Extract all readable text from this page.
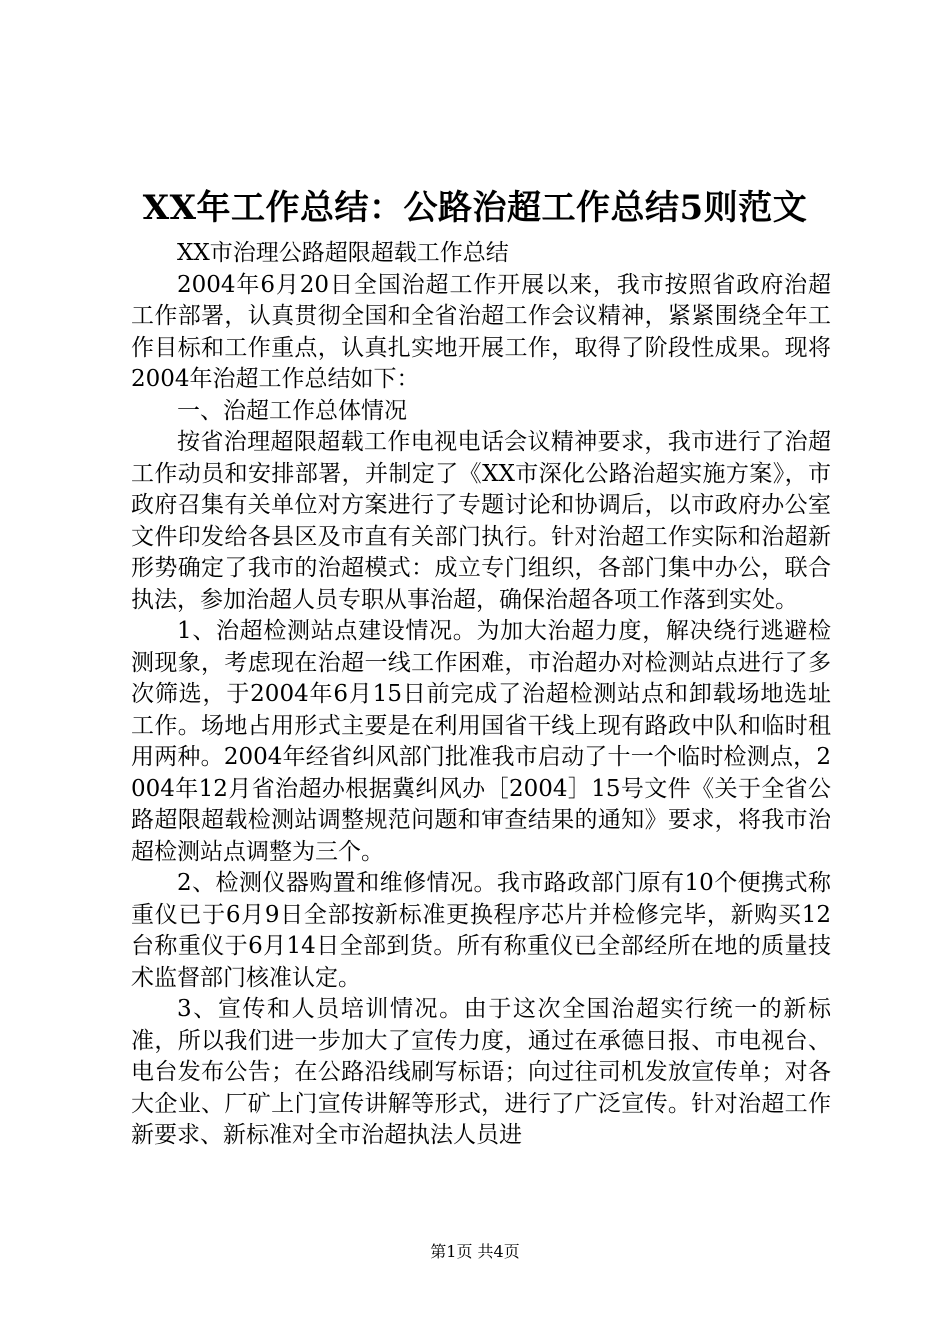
XX年工作总结：公路治超工作总结5则范文

XX市治理公路超限超载工作总结

2004年6月20日全国治超工作开展以来，我市按照省政府治超工作部署，认真贯彻全国和全省治超工作会议精神，紧紧围绕全年工作目标和工作重点，认真扎实地开展工作，取得了阶段性成果。现将2004年治超工作总结如下：

一、治超工作总体情况

按省治理超限超载工作电视电话会议精神要求，我市进行了治超工作动员和安排部署，并制定了《XX市深化公路治超实施方案》，市政府召集有关单位对方案进行了专题讨论和协调后，以市政府办公室文件印发给各县区及市直有关部门执行。针对治超工作实际和治超新形势确定了我市的治超模式：成立专门组织，各部门集中办公，联合执法，参加治超人员专职从事治超，确保治超各项工作落到实处。

1、治超检测站点建设情况。为加大治超力度，解决绕行逃避检测现象，考虑现在治超一线工作困难，市治超办对检测站点进行了多次筛选，于2004年6月15日前完成了治超检测站点和卸载场地选址工作。场地占用形式主要是在利用国省干线上现有路政中队和临时租用两种。2004年经省纠风部门批准我市启动了十一个临时检测点，2004年12月省治超办根据冀纠风办［2004］15号文件《关于全省公路超限超载检测站调整规范问题和审查结果的通知》要求，将我市治超检测站点调整为三个。

2、检测仪器购置和维修情况。我市路政部门原有10个便携式称重仪已于6月9日全部按新标准更换程序芯片并检修完毕，新购买12台称重仪于6月14日全部到货。所有称重仪已全部经所在地的质量技术监督部门核准认定。

3、宣传和人员培训情况。由于这次全国治超实行统一的新标准，所以我们进一步加大了宣传力度，通过在承德日报、市电视台、电台发布公告；在公路沿线刷写标语；向过往司机发放宣传单；对各大企业、厂矿上门宣传讲解等形式，进行了广泛宣传。针对治超工作新要求、新标准对全市治超执法人员进

第1页 共4页
